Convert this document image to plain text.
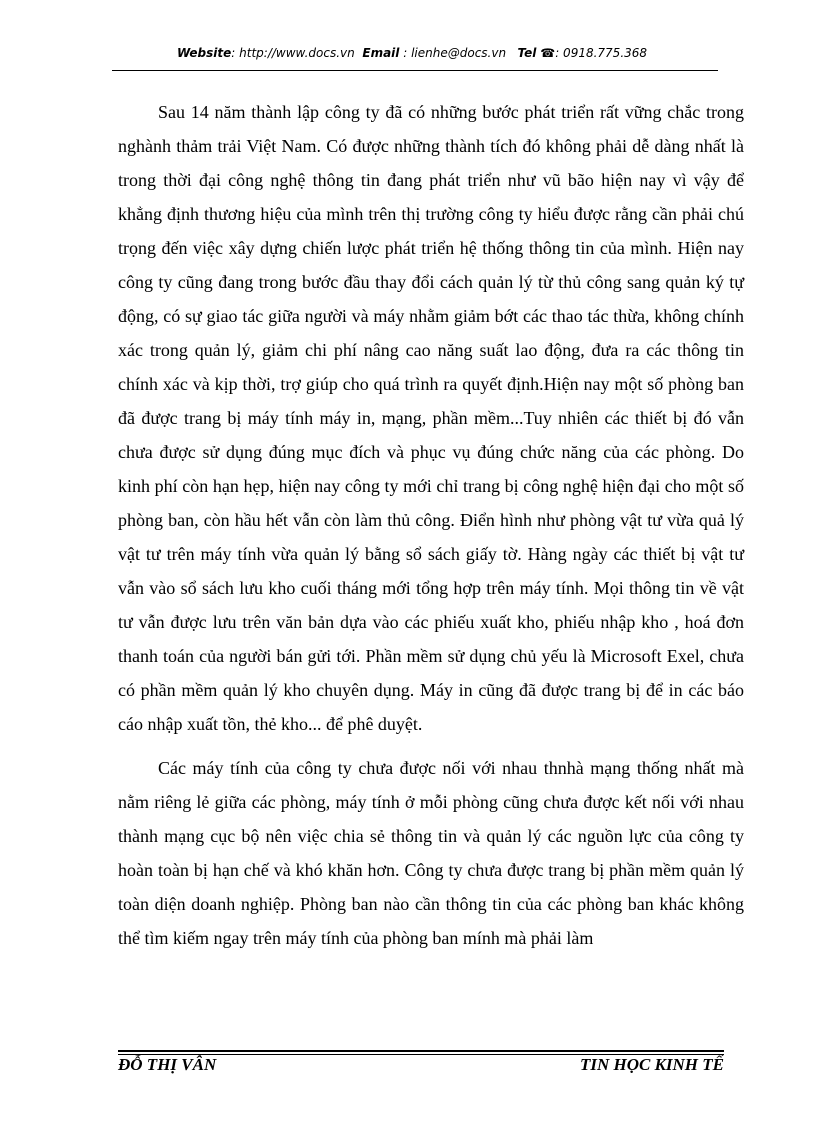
Website: http://www.docs.vn Email : lienhe@docs.vn Tel ☎: 0918.775.368

Sau 14 năm thành lập công ty đã có những bước phát triển rất vững chắc trong nghành thảm trải Việt Nam. Có được những thành tích đó không phải dễ dàng nhất là trong thời đại công nghệ thông tin đang phát triển như vũ bão hiện nay vì vậy để khẳng định thương hiệu của mình trên thị trường công ty hiểu được rằng cần phải chú trọng đến việc xây dựng chiến lược phát triển hệ thống thông tin của mình. Hiện nay công ty cũng đang trong bước đầu thay đổi cách quản lý từ thủ công sang quản ký tự động, có sự giao tác giữa người và máy nhằm giảm bớt các thao tác thừa, không chính xác trong quản lý, giảm chi phí nâng cao năng suất lao động, đưa ra các thông tin chính xác và kịp thời, trợ giúp cho quá trình ra quyết định.Hiện nay một số phòng ban đã được trang bị máy tính máy in, mạng, phần mềm...Tuy nhiên các thiết bị đó vẫn chưa được sử dụng đúng mục đích và phục vụ đúng chức năng của các phòng. Do kinh phí còn hạn hẹp, hiện nay công ty mới chỉ trang bị công nghệ hiện đại cho một số phòng ban, còn hầu hết vẫn còn làm thủ công. Điển hình như phòng vật tư vừa quả lý vật tư trên máy tính vừa quản lý bằng sổ sách giấy tờ. Hàng ngày các thiết bị vật tư vẫn vào sổ sách lưu kho cuối tháng mới tổng hợp trên máy tính. Mọi thông tin về vật tư vẫn được lưu trên văn bản dựa vào các phiếu xuất kho, phiếu nhập kho , hoá đơn thanh toán của người bán gửi tới. Phần mềm sử dụng chủ yếu là Microsoft Exel, chưa có phần mềm quản lý kho chuyên dụng. Máy in cũng đã được trang bị để in các báo cáo nhập xuất tồn, thẻ kho... để phê duyệt.

Các máy tính của công ty chưa được nối với nhau thnhà mạng thống nhất mà nằm riêng lẻ giữa các phòng, máy tính ở mỗi phòng cũng chưa được kết nối với nhau thành mạng cục bộ nên việc chia sẻ thông tin và quản lý các nguồn lực của công ty hoàn toàn bị hạn chế và khó khăn hơn. Công ty chưa được trang bị phần mềm quản lý toàn diện doanh nghiệp. Phòng ban nào cần thông tin của các phòng ban khác không thể tìm kiếm ngay trên máy tính của phòng ban mính mà phải làm

ĐỖ THỊ VÂN	TIN HỌC KINH TẾ
